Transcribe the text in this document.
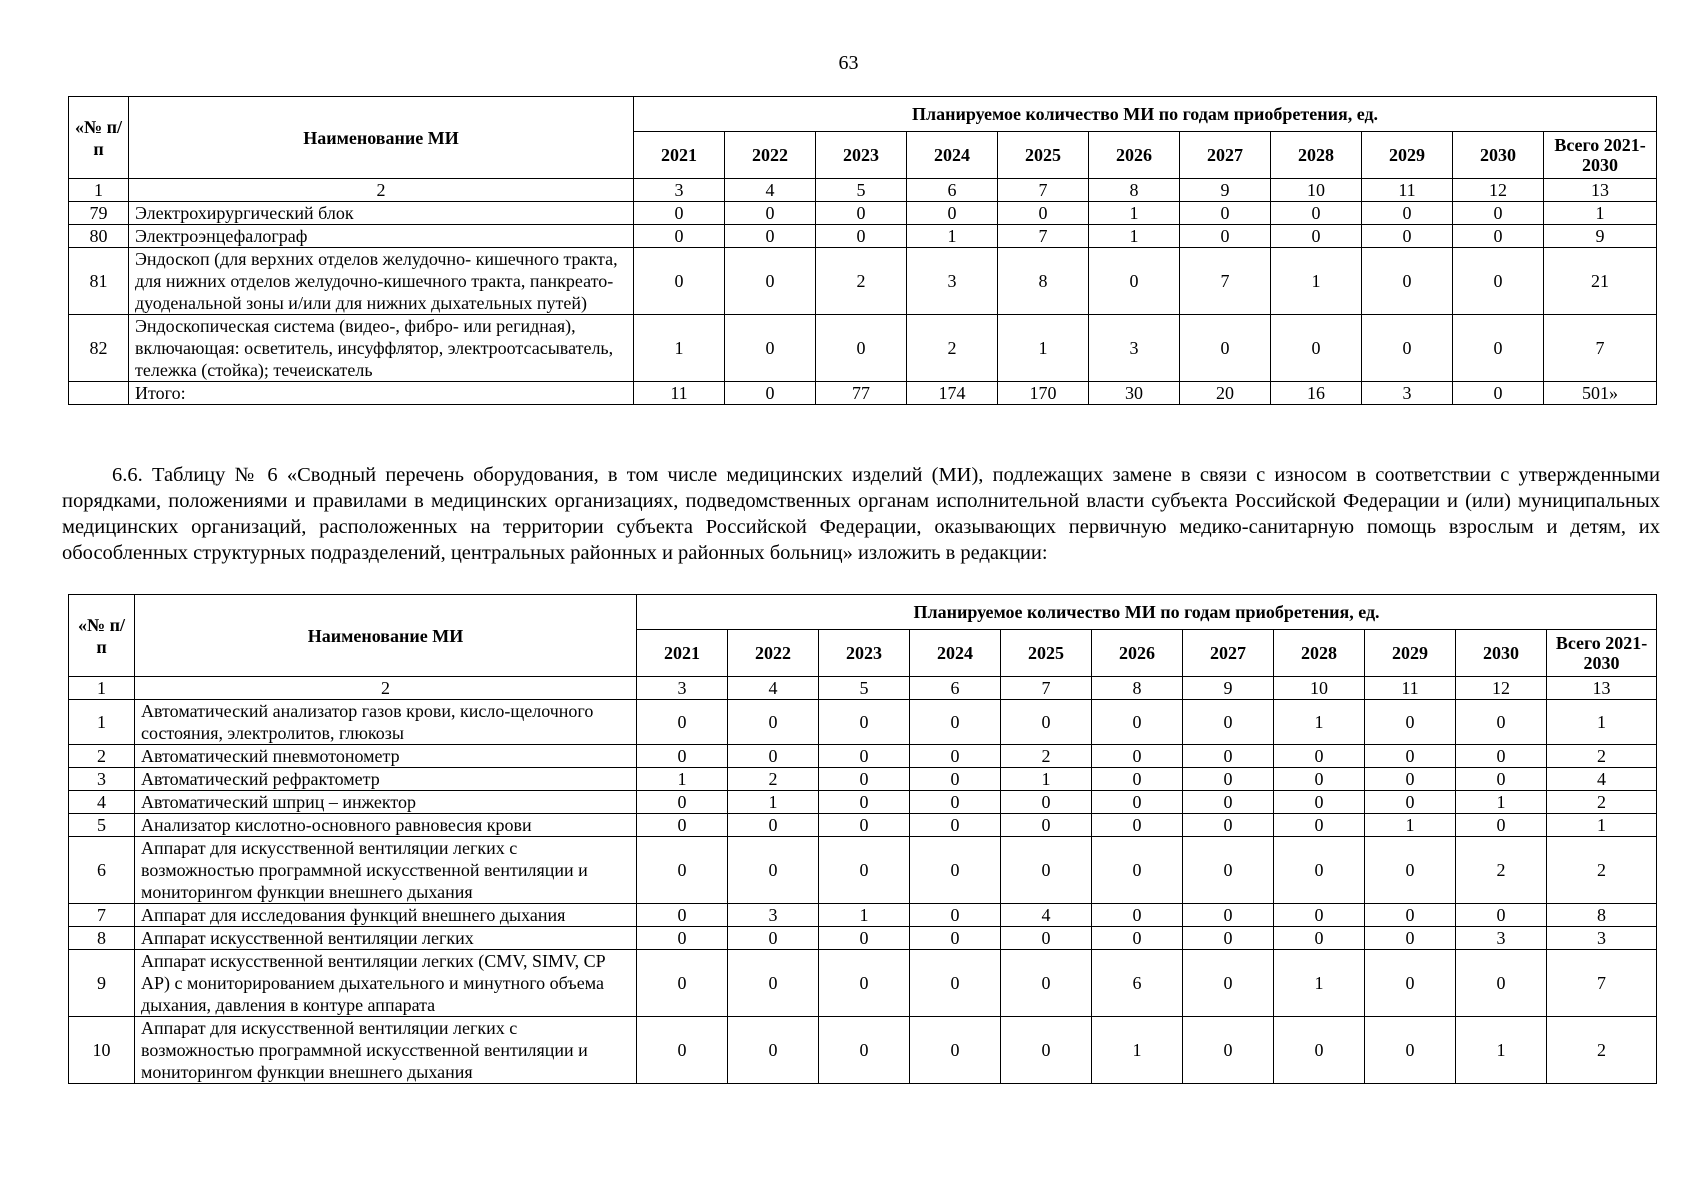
63
«№ п/п	Наименование МИ	Планируемое количество МИ по годам приобретения, ед.										
		2021	2022	2023	2024	2025	2026	2027	2028	2029	2030	Всего 2021-2030
1	2	3	4	5	6	7	8	9	10	11	12	13
79	Электрохирургический блок	0	0	0	0	0	1	0	0	0	0	1
80	Электроэнцефалограф	0	0	0	1	7	1	0	0	0	0	9
81	Эндоскоп (для верхних отделов желудочно- кишечного тракта, для нижних отделов желудочно-кишечного тракта, панкреато-дуоденальной зоны и/или для нижних дыхательных путей)	0	0	2	3	8	0	7	1	0	0	21
82	Эндоскопическая система (видео-, фибро- или регидная), включающая: осветитель, инсуффлятор, электроотсасыватель, тележка (стойка); течеискатель	1	0	0	2	1	3	0	0	0	0	7
	Итого:	11	0	77	174	170	30	20	16	3	0	501»

6.6. Таблицу № 6 «Сводный перечень оборудования, в том числе медицинских изделий (МИ), подлежащих замене в связи с износом в соответствии с утвержденными порядками, положениями и правилами в медицинских организациях, подведомственных органам исполнительной власти субъекта Российской Федерации и (или) муниципальных медицинских организаций, расположенных на территории субъекта Российской Федерации, оказывающих первичную медико-санитарную помощь взрослым и детям, их обособленных структурных подразделений, центральных районных и районных больниц» изложить в редакции:

«№ п/п	Наименование МИ	Планируемое количество МИ по годам приобретения, ед.										
		2021	2022	2023	2024	2025	2026	2027	2028	2029	2030	Всего 2021-2030
1	2	3	4	5	6	7	8	9	10	11	12	13
1	Автоматический анализатор газов крови, кисло-щелочного состояния, электролитов, глюкозы	0	0	0	0	0	0	0	1	0	0	1
2	Автоматический пневмотонометр	0	0	0	0	2	0	0	0	0	0	2
3	Автоматический рефрактометр	1	2	0	0	1	0	0	0	0	0	4
4	Автоматический шприц – инжектор	0	1	0	0	0	0	0	0	0	1	2
5	Анализатор кислотно-основного равновесия крови	0	0	0	0	0	0	0	0	1	0	1
6	Аппарат для искусственной вентиляции легких с возможностью программной искусственной вентиляции и мониторингом функции внешнего дыхания	0	0	0	0	0	0	0	0	0	2	2
7	Аппарат для исследования функций внешнего дыхания	0	3	1	0	4	0	0	0	0	0	8
8	Аппарат искусственной вентиляции легких	0	0	0	0	0	0	0	0	0	3	3
9	Аппарат искусственной вентиляции легких (CMV, SIMV, CP AP) с мониторированием дыхательного и минутного объема дыхания, давления в контуре аппарата	0	0	0	0	0	6	0	1	0	0	7
10	Аппарат для искусственной вентиляции легких с возможностью программной искусственной вентиляции и мониторингом функции внешнего дыхания	0	0	0	0	0	1	0	0	0	1	2
